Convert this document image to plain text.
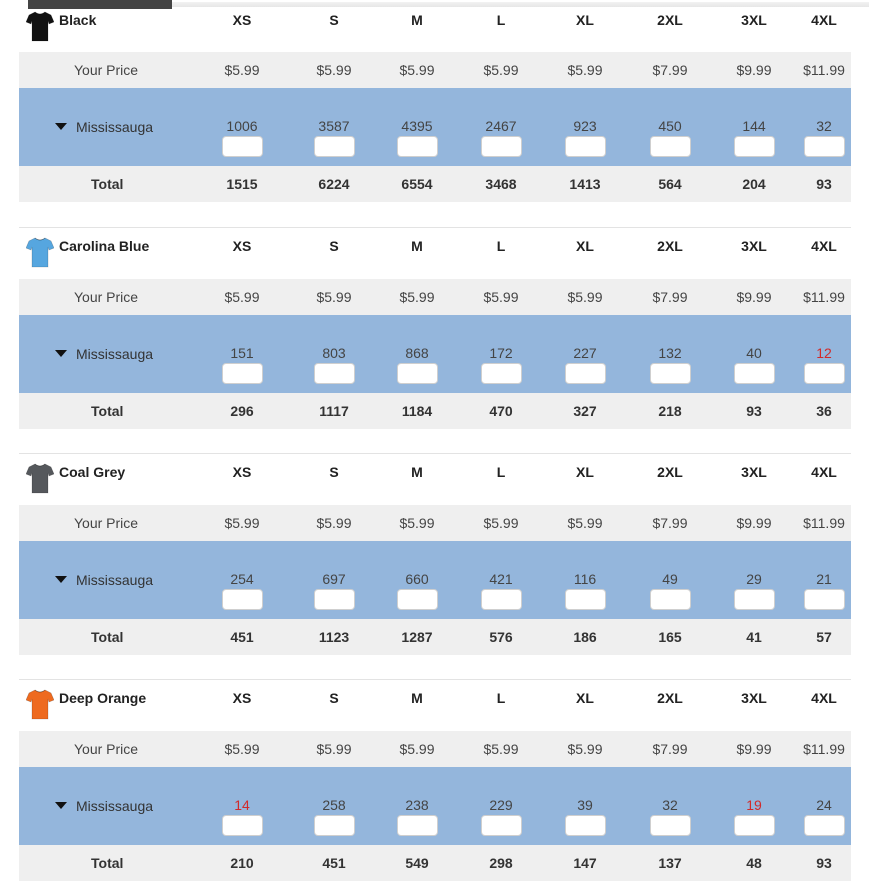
Black	XS	S	M	L	XL	2XL	3XL	4XL
Your Price	$5.99	$5.99	$5.99	$5.99	$5.99	$7.99	$9.99	$11.99
Mississauga	1006	3587	4395	2467	923	450	144	32
Total	1515	6224	6554	3468	1413	564	204	93
Carolina Blue	XS	S	M	L	XL	2XL	3XL	4XL
Your Price	$5.99	$5.99	$5.99	$5.99	$5.99	$7.99	$9.99	$11.99
Mississauga	151	803	868	172	227	132	40	12
Total	296	1117	1184	470	327	218	93	36
Coal Grey	XS	S	M	L	XL	2XL	3XL	4XL
Your Price	$5.99	$5.99	$5.99	$5.99	$5.99	$7.99	$9.99	$11.99
Mississauga	254	697	660	421	116	49	29	21
Total	451	1123	1287	576	186	165	41	57
Deep Orange	XS	S	M	L	XL	2XL	3XL	4XL
Your Price	$5.99	$5.99	$5.99	$5.99	$5.99	$7.99	$9.99	$11.99
Mississauga	14	258	238	229	39	32	19	24
Total	210	451	549	298	147	137	48	93
